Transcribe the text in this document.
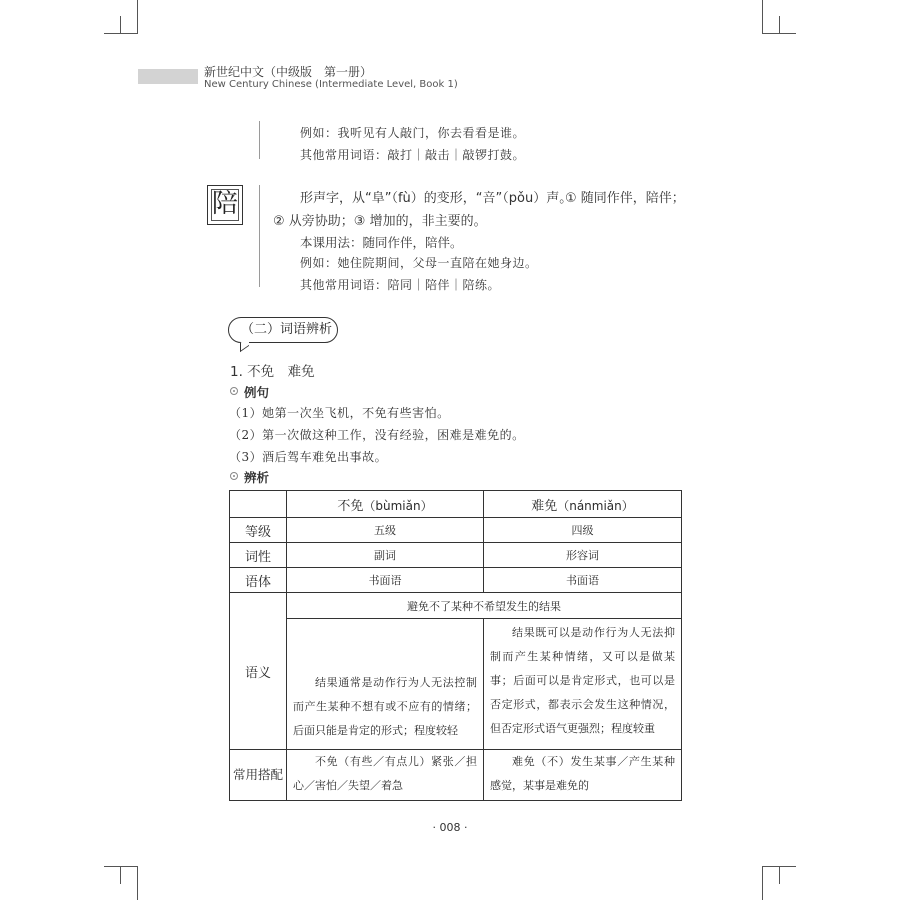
新世纪中文（中级版　第一册）
New Century Chinese (Intermediate Level, Book 1)
例如：我听见有人敲门，你去看看是谁。
其他常用词语：敲打｜敲击｜敲锣打鼓。
陪	形声字，从“阜”（fù）的变形，“咅”（pǒu）声。
① 随同作伴，陪伴；
② 从旁协助；③ 增加的，非主要的。
本课用法：随同作伴，陪伴。
例如：她住院期间，父母一直陪在她身边。
其他常用词语：陪同｜陪伴｜陪练。
（二）词语辨析
1. 不免　难免
例句
（1）她第一次坐飞机，不免有些害怕。
（2）第一次做这种工作，没有经验，困难是难免的。
（3）酒后驾车难免出事故。
辨析
	不免（bùmiǎn）	难免（nánmiǎn）
等级	五级	四级
词性	副词	形容词
语体	书面语	书面语
语义	避免不了某种不希望发生的结果	
	结果通常是动作行为人无法控制而产生某种不想有或不应有的情绪；后面只能是肯定的形式；程度较轻	结果既可以是动作行为人无法抑制而产生某种情绪，又可以是做某事；后面可以是肯定形式，也可以是否定形式，都表示会发生这种情况，但否定形式语气更强烈；程度较重
常用搭配	不免（有些／有点儿）紧张／担心／害怕／失望／着急	难免（不）发生某事／产生某种感觉，某事是难免的
· 008 ·
